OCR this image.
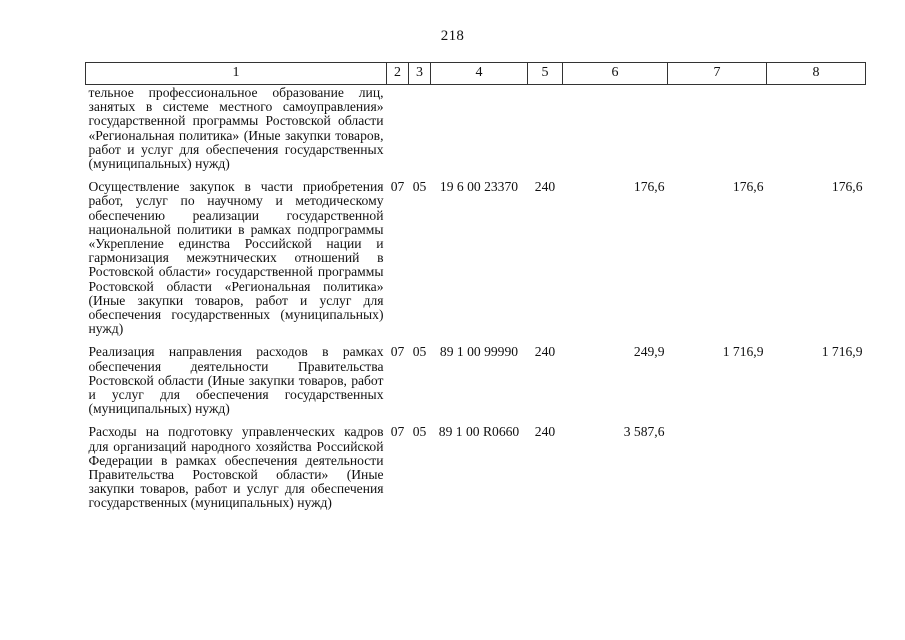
218
1	2	3	4	5	6	7	8
тельное профессиональное образование лиц, занятых в системе местного самоуправления» государственной программы Ростовской области «Региональная политика» (Иные закупки товаров, работ и услуг для обеспечения государственных (муниципальных) нужд)							
Осуществление закупок в части приобретения работ, услуг по научному и методическому обеспечению реализации государственной национальной политики в рамках подпрограммы «Укрепление единства Российской нации и гармонизация межэтнических отношений в Ростовской области» государственной программы Ростовской области «Региональная политика» (Иные закупки товаров, работ и услуг для обеспечения государственных (муниципальных) нужд)	07	05	19 6 00 23370	240	176,6	176,6	176,6
Реализация направления расходов в рамках обеспечения деятельности Правительства Ростовской области (Иные закупки товаров, работ и услуг для обеспечения государственных (муниципальных) нужд)	07	05	89 1 00 99990	240	249,9	1 716,9	1 716,9
Расходы на подготовку управленческих кадров для организаций народного хозяйства Российской Федерации в рамках обеспечения деятельности Правительства Ростовской области» (Иные закупки товаров, работ и услуг для обеспечения государственных (муниципальных) нужд)	07	05	89 1 00 R0660	240	3 587,6		
